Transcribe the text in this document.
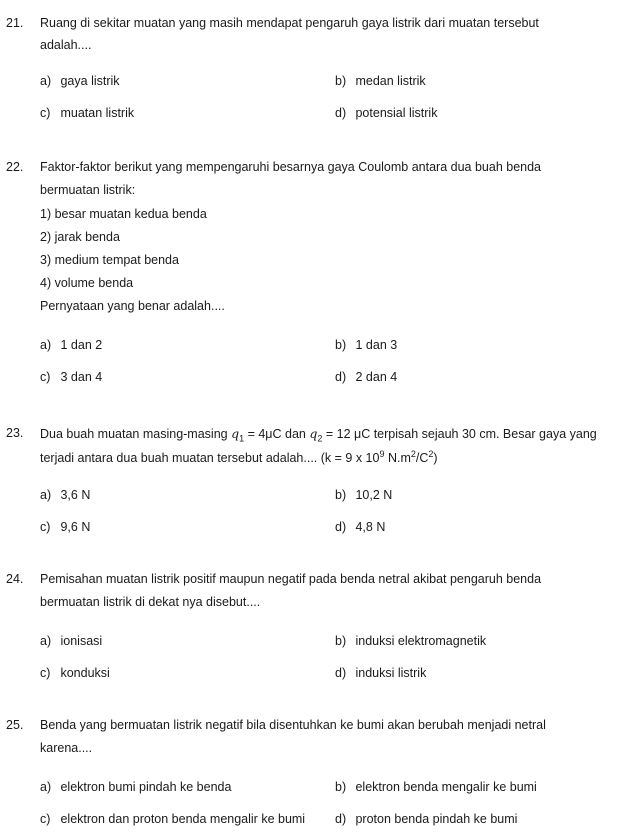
21. Ruang di sekitar muatan yang masih mendapat pengaruh gaya listrik dari muatan tersebut
adalah....
a) gaya listrik	b) medan listrik
c) muatan listrik	d) potensial listrik
22. Faktor-faktor berikut yang mempengaruhi besarnya gaya Coulomb antara dua buah benda
bermuatan listrik:
1) besar muatan kedua benda
2) jarak benda
3) medium tempat benda
4) volume benda
Pernyataan yang benar adalah....
a) 1 dan 2	b) 1 dan 3
c) 3 dan 4	d) 2 dan 4
23. Dua buah muatan masing-masing $q_1 = 4\mu C$ dan $q_2 = 12$ μC terpisah sejauh 30 cm. Besar gaya yang
terjadi antara dua buah muatan tersebut adalah.... (k = 9 x $10^9$ $N.m^2/C^2$)
a) 3,6 N	b) 10,2 N
c) 9,6 N	d) 4,8 N
24. Pemisahan muatan listrik positif maupun negatif pada benda netral akibat pengaruh benda
bermuatan listrik di dekat nya disebut....
a) ionisasi	b) induksi elektromagnetik
c) konduksi	d) induksi listrik
25. Benda yang bermuatan listrik negatif bila disentuhkan ke bumi akan berubah menjadi netral
karena....
a) elektron bumi pindah ke benda	b) elektron benda mengalir ke bumi
c) elektron dan proton benda mengalir ke bumi d) proton benda pindah ke bumi
